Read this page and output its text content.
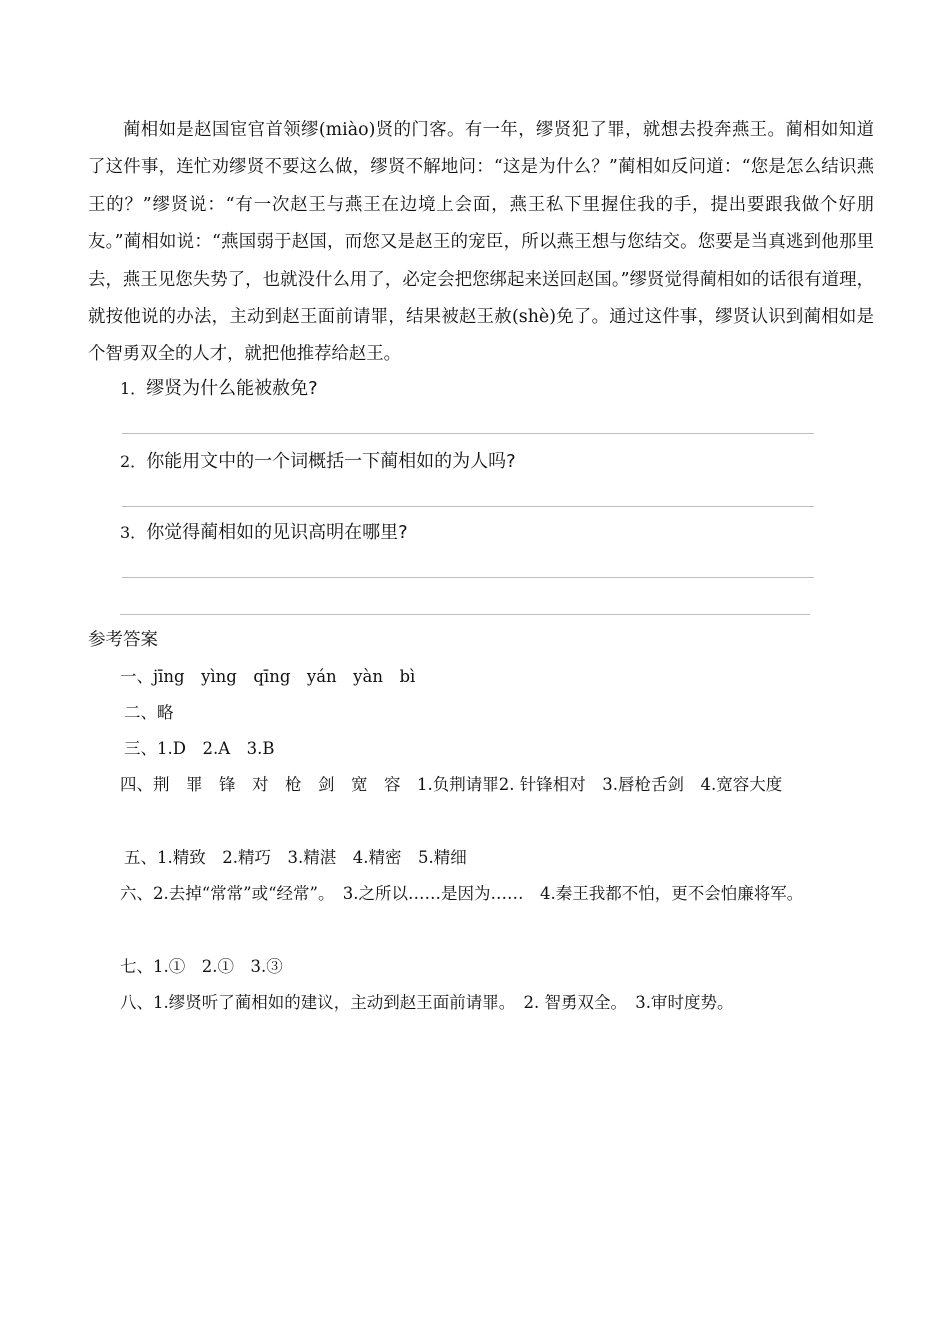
蔺相如是赵国宦官首领缪(miào)贤的门客。有一年，缪贤犯了罪，就想去投奔燕王。蔺相如知道了这件事，连忙劝缪贤不要这么做，缪贤不解地问：“这是为什么？”蔺相如反问道：“您是怎么结识燕王的？”缪贤说：“有一次赵王与燕王在边境上会面，燕王私下里握住我的手，提出要跟我做个好朋友。”蔺相如说：“燕国弱于赵国，而您又是赵王的宠臣，所以燕王想与您结交。您要是当真逃到他那里去，燕王见您失势了，也就没什么用了，必定会把您绑起来送回赵国。”缪贤觉得蔺相如的话很有道理，就按他说的办法，主动到赵王面前请罪，结果被赵王赦(shè)免了。通过这件事，缪贤认识到蔺相如是个智勇双全的人才，就把他推荐给赵王。

1．缪贤为什么能被赦免?
2．你能用文中的一个词概括一下蔺相如的为人吗?
3．你觉得蔺相如的见识高明在哪里?
参考答案

一、jīng　yìng　qīng　yán　yàn　bì

二、略

三、1.D　2.A　3.B

四、荆　罪　锋　对　枪　剑　宽　容　1.负荆请罪2. 针锋相对　3.唇枪舌剑　4.宽容大度

五、1.精致　2.精巧　3.精湛　4.精密　5.精细

六、2.去掉“常常”或“经常”。　3.之所以……是因为……　4.秦王我都不怕，更不会怕廉将军。

七、1.①　2.①　3.③

八、1.缪贤听了蔺相如的建议，主动到赵王面前请罪。　2. 智勇双全。　3.审时度势。
